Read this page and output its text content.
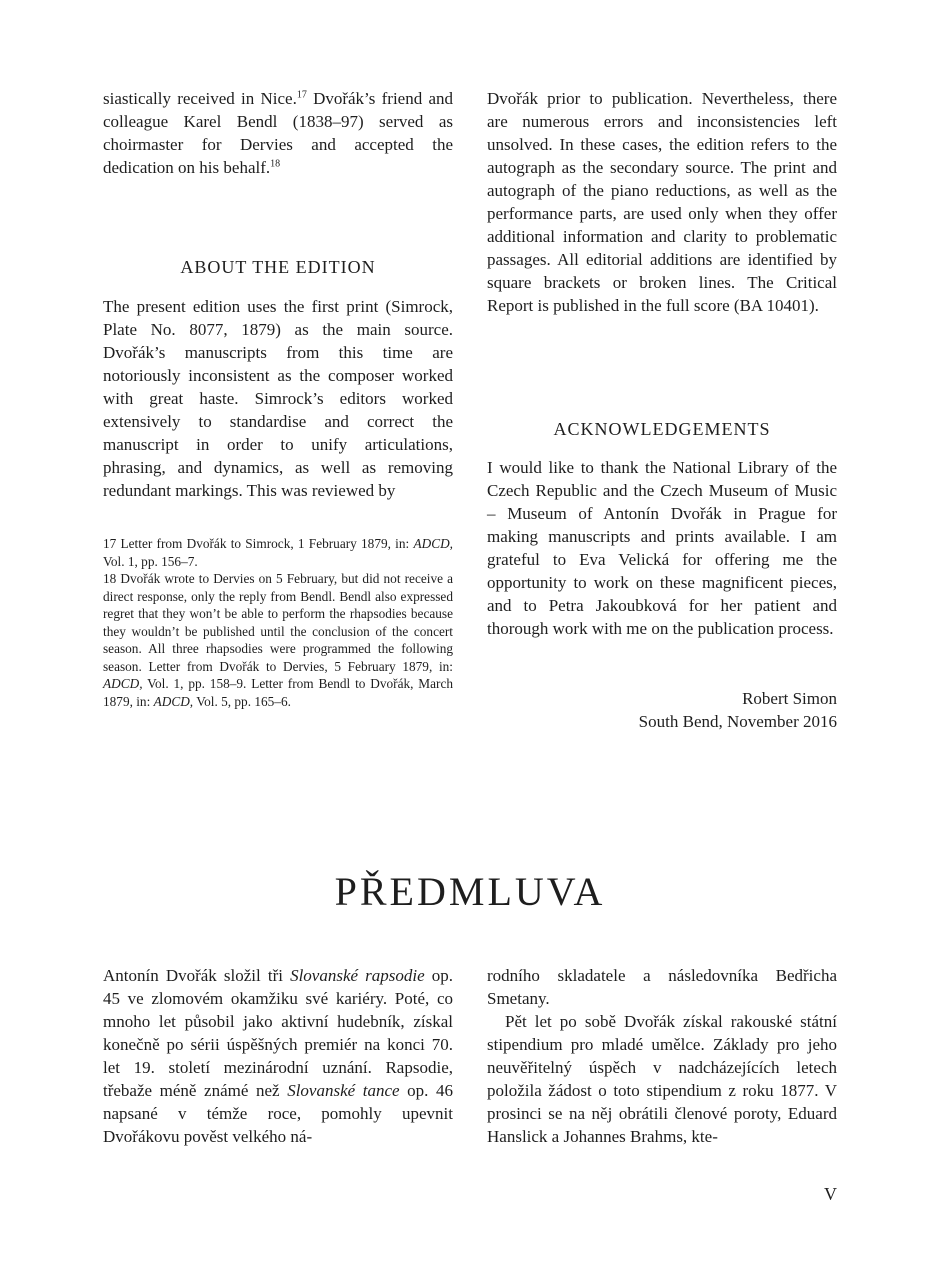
siastically received in Nice.$^{17}$ Dvořák’s friend and colleague Karel Bendl (1838–97) served as choirmaster for Dervies and accepted the dedication on his behalf.$^{18}$

ABOUT THE EDITION

The present edition uses the first print (Simrock, Plate No. 8077, 1879) as the main source. Dvořák’s manuscripts from this time are notoriously inconsistent as the composer worked with great haste. Simrock’s editors worked extensively to standardise and correct the manuscript in order to unify articulations, phrasing, and dynamics, as well as removing redundant markings. This was reviewed by

17 Letter from Dvořák to Simrock, 1 February 1879, in: ADCD, Vol. 1, pp. 156–7.

18 Dvořák wrote to Dervies on 5 February, but did not receive a direct response, only the reply from Bendl. Bendl also expressed regret that they won’t be able to perform the rhapsodies because they wouldn’t be published until the conclusion of the concert season. All three rhapsodies were programmed the following season. Letter from Dvořák to Dervies, 5 February 1879, in: ADCD, Vol. 1, pp. 158–9. Letter from Bendl to Dvořák, March 1879, in: ADCD, Vol. 5, pp. 165–6.

Dvořák prior to publication. Nevertheless, there are numerous errors and inconsistencies left unsolved. In these cases, the edition refers to the autograph as the secondary source. The print and autograph of the piano reductions, as well as the performance parts, are used only when they offer additional information and clarity to problematic passages. All editorial additions are identified by square brackets or broken lines. The Critical Report is published in the full score (BA 10401).

ACKNOWLEDGEMENTS

I would like to thank the National Library of the Czech Republic and the Czech Museum of Music – Museum of Antonín Dvořák in Prague for making manuscripts and prints available. I am grateful to Eva Velická for offering me the opportunity to work on these magnificent pieces, and to Petra Jakoubková for her patient and thorough work with me on the publication process.

Robert Simon
South Bend, November 2016
PŘEDMLUVA

Antonín Dvořák složil tři Slovanské rapsodie op. 45 ve zlomovém okamžiku své kariéry. Poté, co mnoho let působil jako aktivní hudebník, získal konečně po sérii úspěšných premiér na konci 70. let 19. století mezinárodní uznání. Rapsodie, třebaže méně známé než Slovanské tance op. 46 napsané v témže roce, pomohly upevnit Dvořákovu pověst velkého ná-

rodního skladatele a následovníka Bedřicha Smetany.

Pět let po sobě Dvořák získal rakouské státní stipendium pro mladé umělce. Základy pro jeho neuvěřitelný úspěch v nadcházejících letech položila žádost o toto stipendium z roku 1877. V prosinci se na něj obrátili členové poroty, Eduard Hanslick a Johannes Brahms, kte-

V
